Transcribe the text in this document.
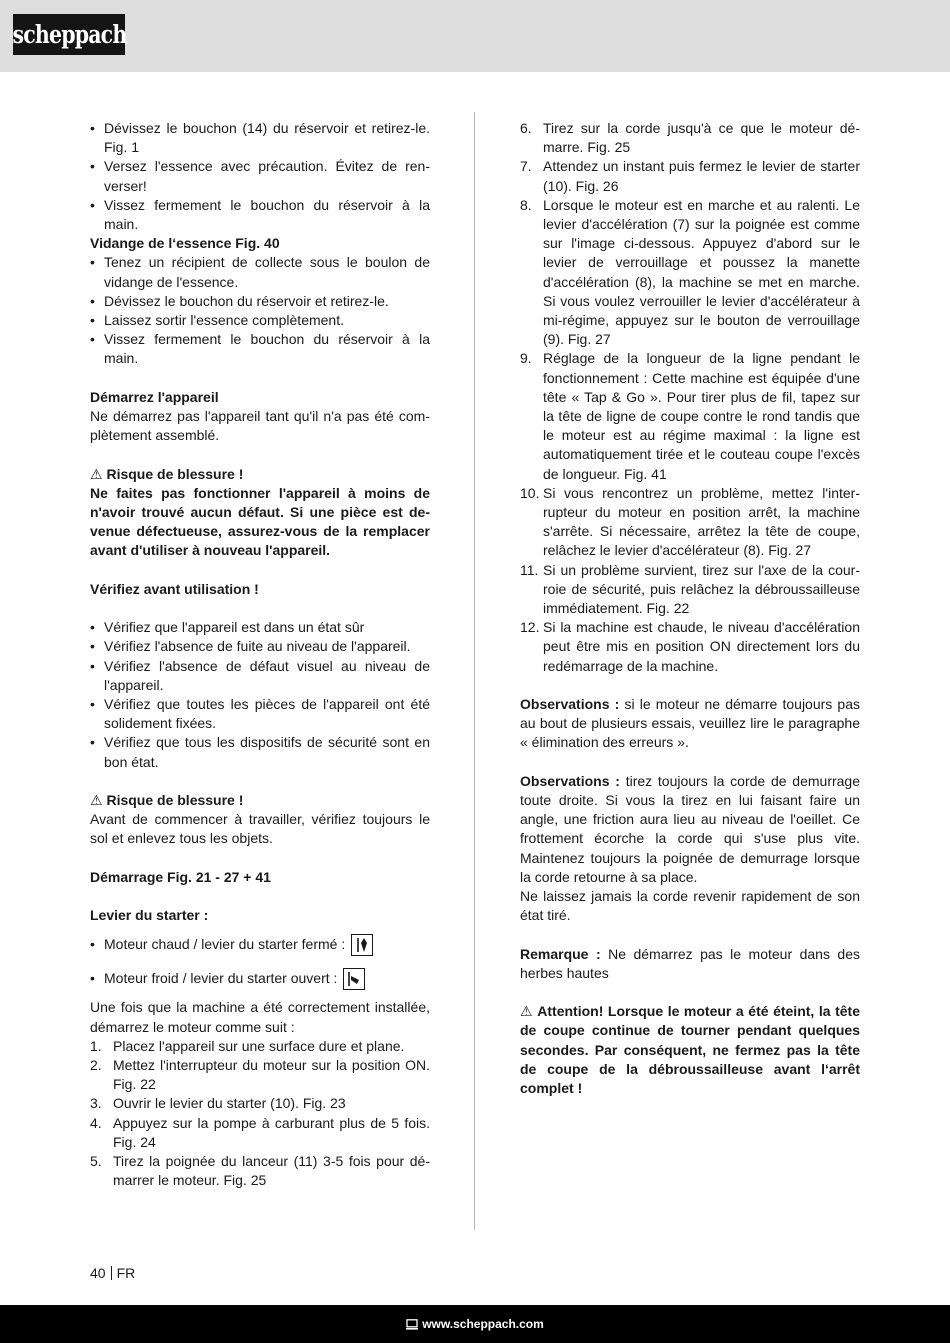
scheppach
• Dévissez le bouchon (14) du réservoir et retirez-le. Fig. 1
• Versez l'essence avec précaution. Évitez de renverser!
• Vissez fermement le bouchon du réservoir à la main.

Vidange de l‘essence Fig. 40

• Tenez un récipient de collecte sous le boulon de vidange de l'essence.
• Dévissez le bouchon du réservoir et retirez-le.
• Laissez sortir l'essence complètement.
• Vissez fermement le bouchon du réservoir à la main.

Démarrez l'appareil

Ne démarrez pas l'appareil tant qu'il n'a pas été complètement assemblé.

⚠ Risque de blessure !

Ne faites pas fonctionner l'appareil à moins de n'avoir trouvé aucun défaut. Si une pièce est devenue défectueuse, assurez-vous de la remplacer avant d'utiliser à nouveau l'appareil.

Vérifiez avant utilisation !

• Vérifiez que l'appareil est dans un état sûr
• Vérifiez l'absence de fuite au niveau de l'appareil.
• Vérifiez l'absence de défaut visuel au niveau de l'appareil.
• Vérifiez que toutes les pièces de l'appareil ont été solidement fixées.
• Vérifiez que tous les dispositifs de sécurité sont en bon état.

⚠ Risque de blessure !

Avant de commencer à travailler, vérifiez toujours le sol et enlevez tous les objets.

Démarrage Fig. 21 - 27 + 41

Levier du starter :

• Moteur chaud / levier du starter fermé :
• Moteur froid / levier du starter ouvert :

Une fois que la machine a été correctement installée, démarrez le moteur comme suit :

1. Placez l'appareil sur une surface dure et plane.
2. Mettez l'interrupteur du moteur sur la position ON. Fig. 22
3. Ouvrir le levier du starter (10). Fig. 23
4. Appuyez sur la pompe à carburant plus de 5 fois. Fig. 24
5. Tirez la poignée du lanceur (11) 3-5 fois pour démarrer le moteur. Fig. 25
6. Tirez sur la corde jusqu'à ce que le moteur démarre. Fig. 25
7. Attendez un instant puis fermez le levier de starter (10). Fig. 26
8. Lorsque le moteur est en marche et au ralenti. Le levier d'accélération (7) sur la poignée est comme sur l'image ci-dessous. Appuyez d'abord sur le levier de verrouillage et poussez la manette d'accélération (8), la machine se met en marche. Si vous voulez verrouiller le levier d'accélérateur à mi-régime, appuyez sur le bouton de verrouillage (9). Fig. 27
9. Réglage de la longueur de la ligne pendant le fonctionnement : Cette machine est équipée d'une tête « Tap & Go ». Pour tirer plus de fil, tapez sur la tête de ligne de coupe contre le rond tandis que le moteur est au régime maximal : la ligne est automatiquement tirée et le couteau coupe l'excès de longueur. Fig. 41
10. Si vous rencontrez un problème, mettez l'interrupteur du moteur en position arrêt, la machine s'arrête. Si nécessaire, arrêtez la tête de coupe, relâchez le levier d'accélérateur (8). Fig. 27
11. Si un problème survient, tirez sur l'axe de la courroie de sécurité, puis relâchez la débroussailleuse immédiatement. Fig. 22
12. Si la machine est chaude, le niveau d'accélération peut être mis en position ON directement lors du redémarrage de la machine.

Observations : si le moteur ne démarre toujours pas au bout de plusieurs essais, veuillez lire le paragraphe « élimination des erreurs ».

Observations : tirez toujours la corde de demurrage toute droite. Si vous la tirez en lui faisant faire un angle, une friction aura lieu au niveau de l'oeillet. Ce frottement écorche la corde qui s'use plus vite. Maintenez toujours la poignée de demurrage lorsque la corde retourne à sa place.

Ne laissez jamais la corde revenir rapidement de son état tiré.

Remarque : Ne démarrez pas le moteur dans des herbes hautes

⚠ Attention! Lorsque le moteur a été éteint, la tête de coupe continue de tourner pendant quelques secondes. Par conséquent, ne fermez pas la tête de coupe de la débroussailleuse avant l‘arrêt complet !

40 FR
www.scheppach.com
